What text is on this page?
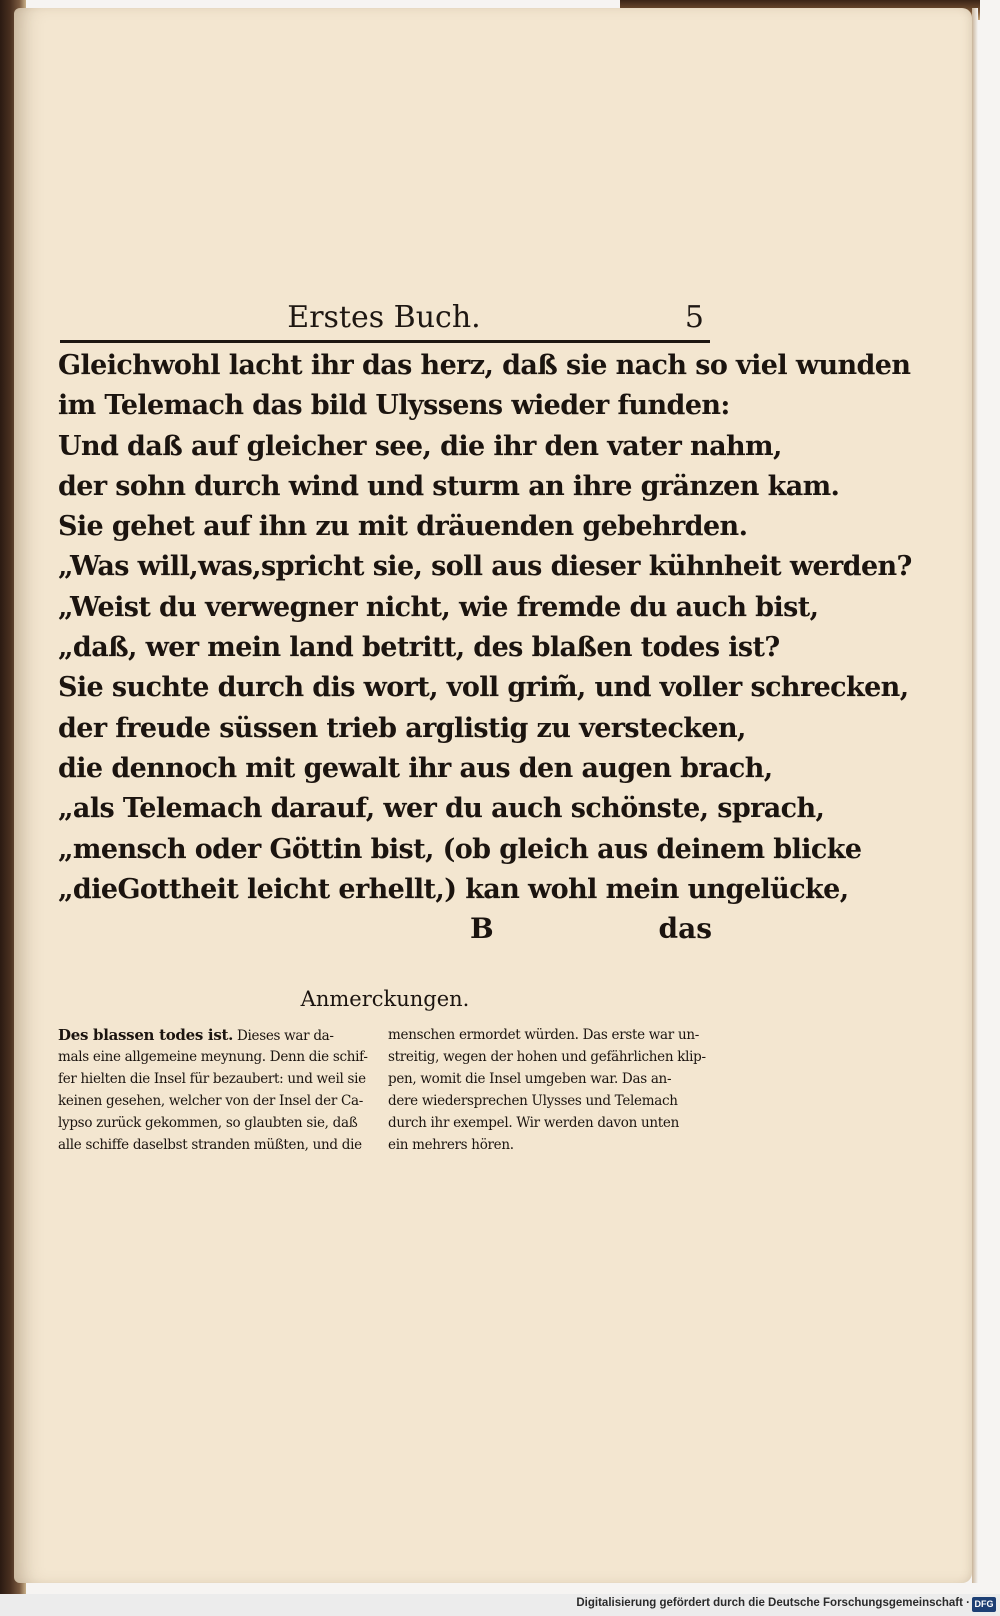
Erstes Buch.	5
Gleichwohl lacht ihr das herz, daß sie nach so viel wunden
im Telemach das bild Ulyssens wieder funden:
Und daß auf gleicher see, die ihr den vater nahm,
der sohn durch wind und sturm an ihre gränzen kam.
Sie gehet auf ihn zu mit dräuenden gebehrden.
„Was will,was,spricht sie, soll aus dieser kühnheit werden?
„Weist du verwegner nicht, wie fremde du auch bist,
„daß, wer mein land betritt, des blaßen todes ist?
Sie suchte durch dis wort, voll grim̃, und voller schrecken,
der freude süssen trieb arglistig zu verstecken,
die dennoch mit gewalt ihr aus den augen brach,
„als Telemach darauf, wer du auch schönste, sprach,
„mensch oder Göttin bist, (ob gleich aus deinem blicke
„dieGottheit leicht erhellt,) kan wohl mein ungelücke,
B	das
Anmerckungen.
Des blassen todes ist. Dieses war da-
mals eine allgemeine meynung. Denn die schif-
fer hielten die Insel für bezaubert: und weil sie
keinen gesehen, welcher von der Insel der Ca-
lypso zurück gekommen, so glaubten sie, daß
alle schiffe daselbst stranden müßten, und die
menschen ermordet würden. Das erste war un-
streitig, wegen der hohen und gefährlichen klip-
pen, womit die Insel umgeben war. Das an-
dere wiedersprechen Ulysses und Telemach
durch ihr exempel. Wir werden davon unten
ein mehrers hören.
Digitalisierung gefördert durch die Deutsche Forschungsgemeinschaft · DFG
